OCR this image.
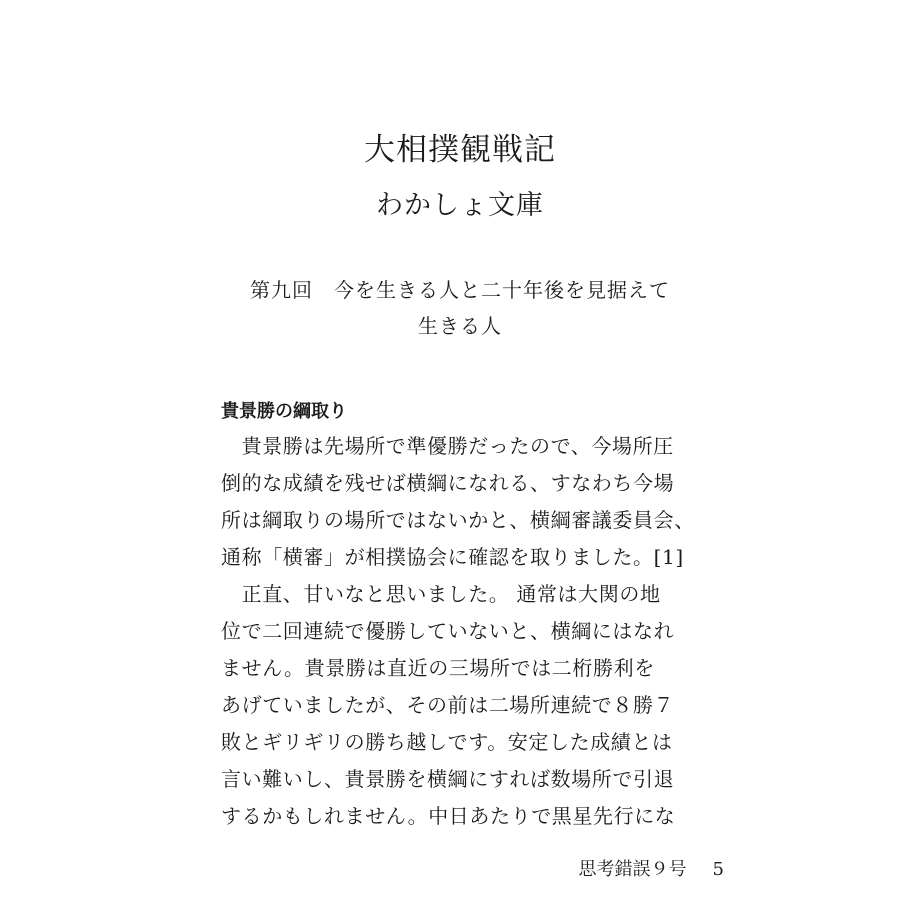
大相撲観戦記
わかしょ文庫
第九回　今を生きる人と二十年後を見据えて
生きる人
貴景勝の綱取り
　貴景勝は先場所で準優勝だったので、今場所圧
倒的な成績を残せば横綱になれる、すなわち今場
所は綱取りの場所ではないかと、横綱審議委員会、
通称「横審」が相撲協会に確認を取りました。[1]
　正直、甘いなと思いました。 通常は大関の地
位で二回連続で優勝していないと、横綱にはなれ
ません。貴景勝は直近の三場所では二桁勝利を
あげていましたが、その前は二場所連続で８勝７
敗とギリギリの勝ち越しです。安定した成績とは
言い難いし、貴景勝を横綱にすれば数場所で引退
するかもしれません。中日あたりで黒星先行にな
思考錯誤９号 5
